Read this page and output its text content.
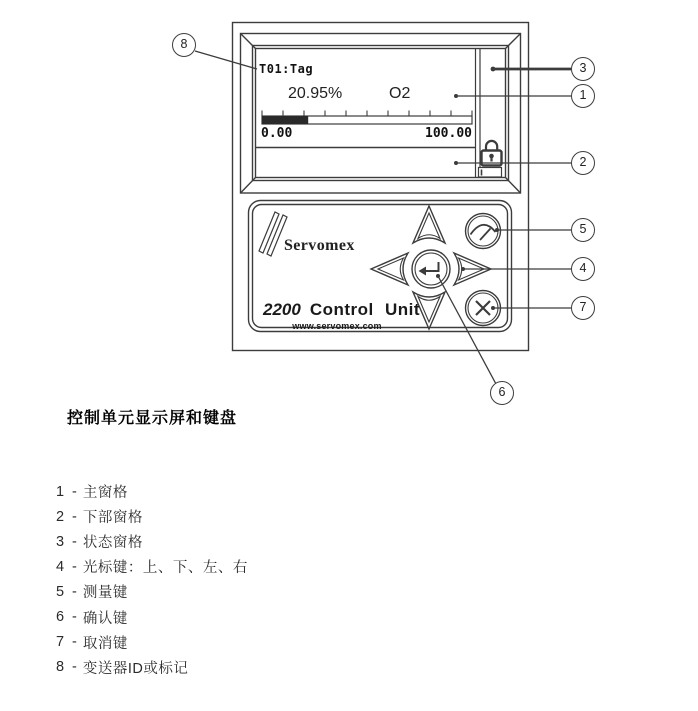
T01:Tag
20.95%	O2
0.00	100.00
Servomex
2200 Control Unit
www.servomex.com
8
3
1
2
5
4
7
6
控制单元显示屏和键盘
1 - 主窗格
2 - 下部窗格
3 - 状态窗格
4 - 光标键：上、下、左、右
5 - 测量键
6 - 确认键
7 - 取消键
8 - 变送器ID或标记
